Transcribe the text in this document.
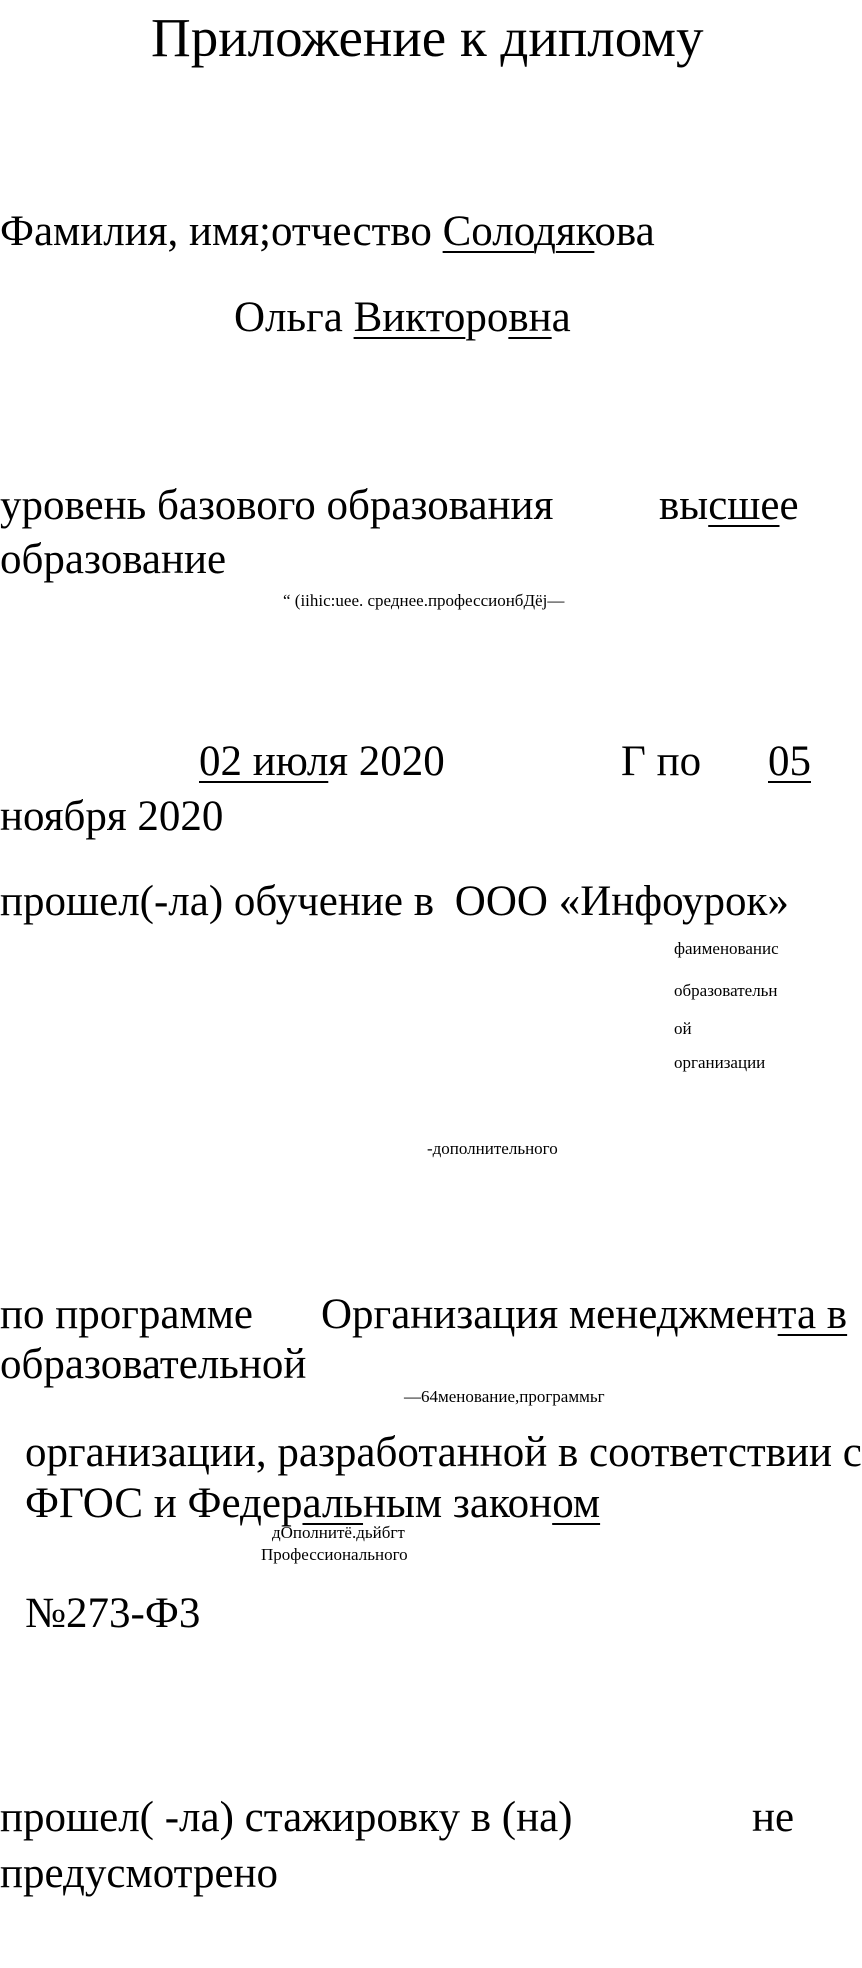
Приложение к диплому
Фамилия, имя;отчество Солодякова
Ольга Викторовна
уровень базового образования высшее
образование
“ (iihic:uee. среднее.профессионбДёј—
02 июля 2020	Г по 05
ноября 2020
прошел(-ла) обучение в ООО «Инфоурок»
фаименованис
образовательн
ой
организации
-дополнительного
по программе Организация менеджмента в
образовательной
—64менование,программьг
организации, разработанной в соответствии с
ФГОС и Федеральным законом
дОполнитё.дьйбгт
Профессионального
№273-Ф3
прошел( -ла) стажировку в (на)	не
предусмотрено
